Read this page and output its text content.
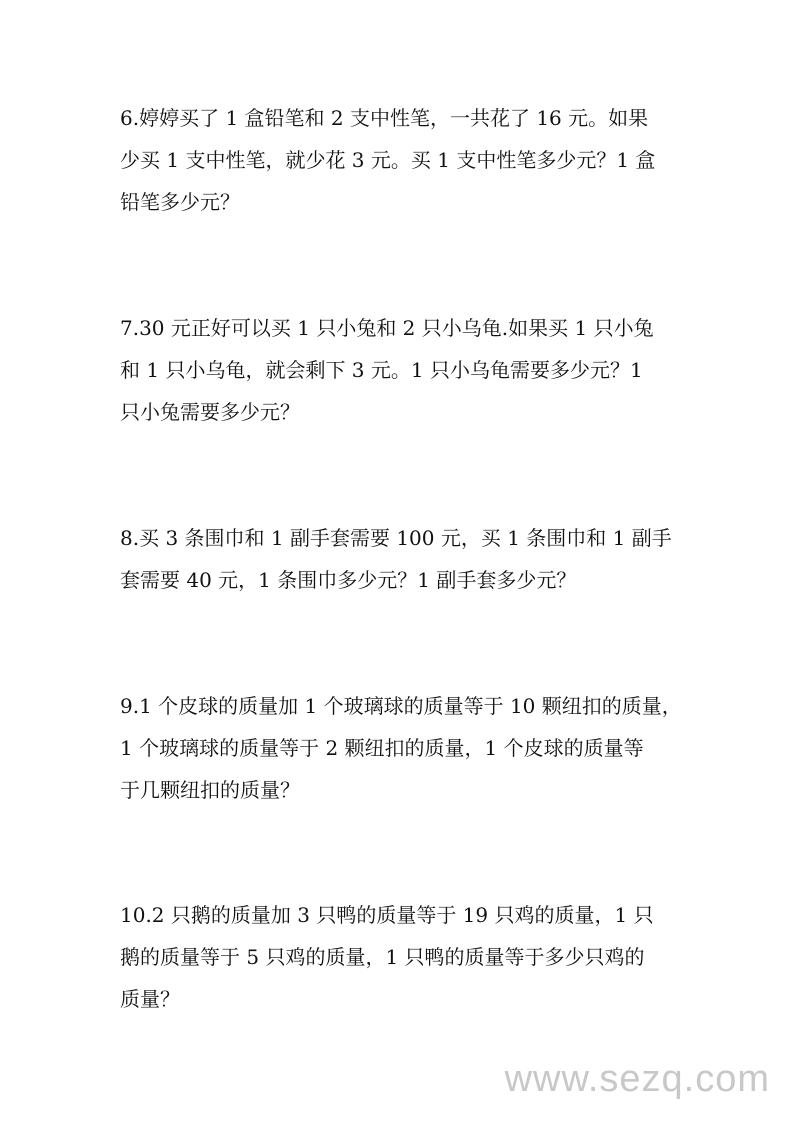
6.婷婷买了 1 盒铅笔和 2 支中性笔，一共花了 16 元。如果
少买 1 支中性笔，就少花 3 元。买 1 支中性笔多少元？1 盒
铅笔多少元？
7.30 元正好可以买 1 只小兔和 2 只小乌龟.如果买 1 只小兔
和 1 只小乌龟，就会剩下 3 元。1 只小乌龟需要多少元？1
只小兔需要多少元？
8.买 3 条围巾和 1 副手套需要 100 元，买 1 条围巾和 1 副手
套需要 40 元，1 条围巾多少元？1 副手套多少元？
9.1 个皮球的质量加 1 个玻璃球的质量等于 10 颗纽扣的质量，
1 个玻璃球的质量等于 2 颗纽扣的质量，1 个皮球的质量等
于几颗纽扣的质量？
10.2 只鹅的质量加 3 只鸭的质量等于 19 只鸡的质量，1 只
鹅的质量等于 5 只鸡的质量，1 只鸭的质量等于多少只鸡的
质量？
www.sezq.com
